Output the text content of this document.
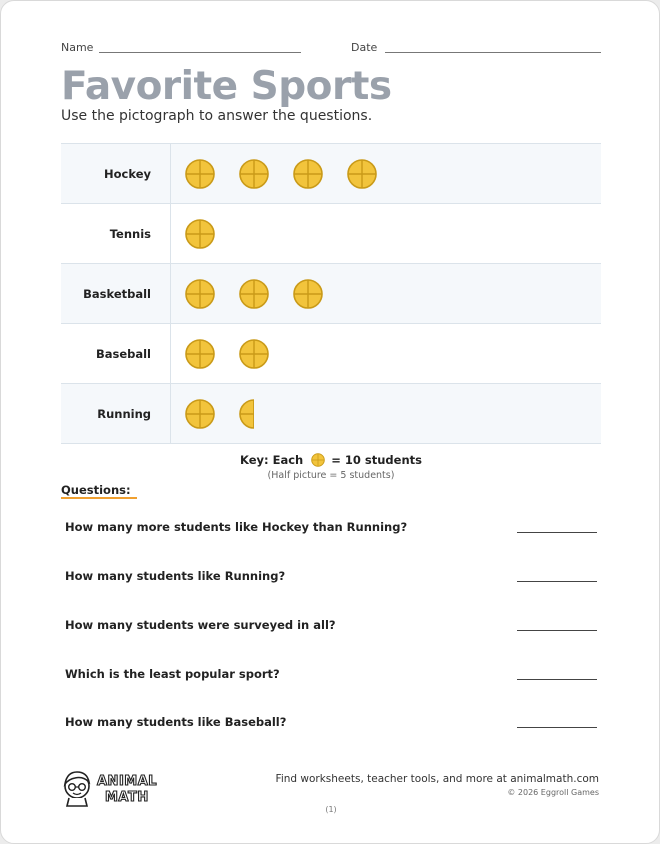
Name	Date
Favorite Sports
Use the pictograph to answer the questions.
Hockey
Tennis
Basketball
Baseball
Running
Key: Each = 10 students
(Half picture = 5 students)
Questions:
How many more students like Hockey than Running?
How many students like Running?
How many students were surveyed in all?
Which is the least popular sport?
How many students like Baseball?
ANIMAL
MATH
Find worksheets, teacher tools, and more at animalmath.com
© 2026 Eggroll Games
(1)
